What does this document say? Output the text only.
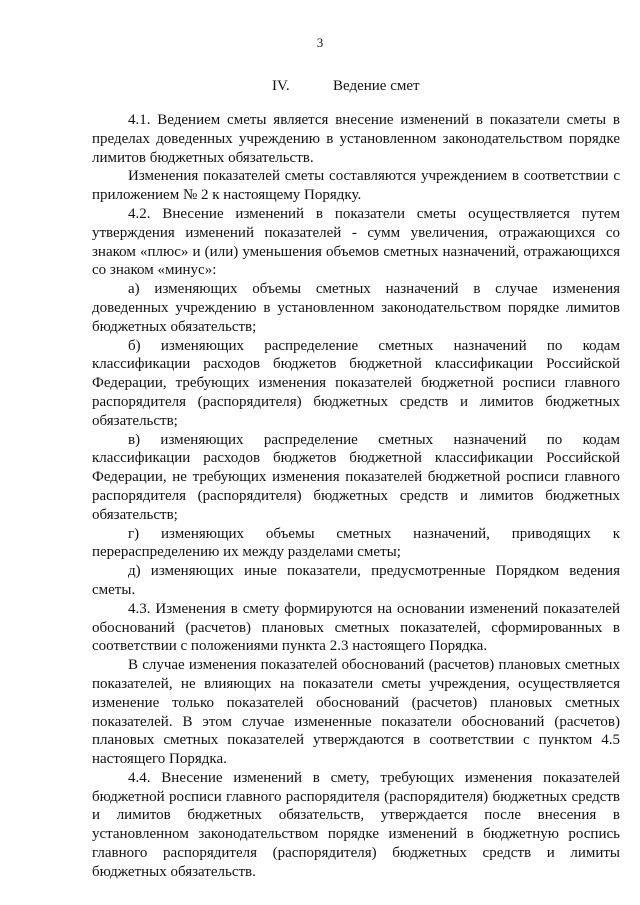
3
IV.	Ведение смет

4.1. Ведением сметы является внесение изменений в показатели сметы в пределах доведенных учреждению в установленном законодательством порядке лимитов бюджетных обязательств.

Изменения показателей сметы составляются учреждением в соответствии с приложением № 2 к настоящему Порядку.

4.2. Внесение изменений в показатели сметы осуществляется путем утверждения изменений показателей - сумм увеличения, отражающихся со знаком «плюс» и (или) уменьшения объемов сметных назначений, отражающихся со знаком «минус»:

а) изменяющих объемы сметных назначений в случае изменения доведенных учреждению в установленном законодательством порядке лимитов бюджетных обязательств;

б) изменяющих распределение сметных назначений по кодам классификации расходов бюджетов бюджетной классификации Российской Федерации, требующих изменения показателей бюджетной росписи главного распорядителя (распорядителя) бюджетных средств и лимитов бюджетных обязательств;

в) изменяющих распределение сметных назначений по кодам классификации расходов бюджетов бюджетной классификации Российской Федерации, не требующих изменения показателей бюджетной росписи главного распорядителя (распорядителя) бюджетных средств и лимитов бюджетных обязательств;

г) изменяющих объемы сметных назначений, приводящих к перераспределению их между разделами сметы;

д) изменяющих иные показатели, предусмотренные Порядком ведения сметы.

4.3. Изменения в смету формируются на основании изменений показателей обоснований (расчетов) плановых сметных показателей, сформированных в соответствии с положениями пункта 2.3 настоящего Порядка.

В случае изменения показателей обоснований (расчетов) плановых сметных показателей, не влияющих на показатели сметы учреждения, осуществляется изменение только показателей обоснований (расчетов) плановых сметных показателей. В этом случае измененные показатели обоснований (расчетов) плановых сметных показателей утверждаются в соответствии с пунктом 4.5 настоящего Порядка.

4.4. Внесение изменений в смету, требующих изменения показателей бюджетной росписи главного распорядителя (распорядителя) бюджетных средств и лимитов бюджетных обязательств, утверждается после внесения в установленном законодательством порядке изменений в бюджетную роспись главного распорядителя (распорядителя) бюджетных средств и лимиты бюджетных обязательств.
